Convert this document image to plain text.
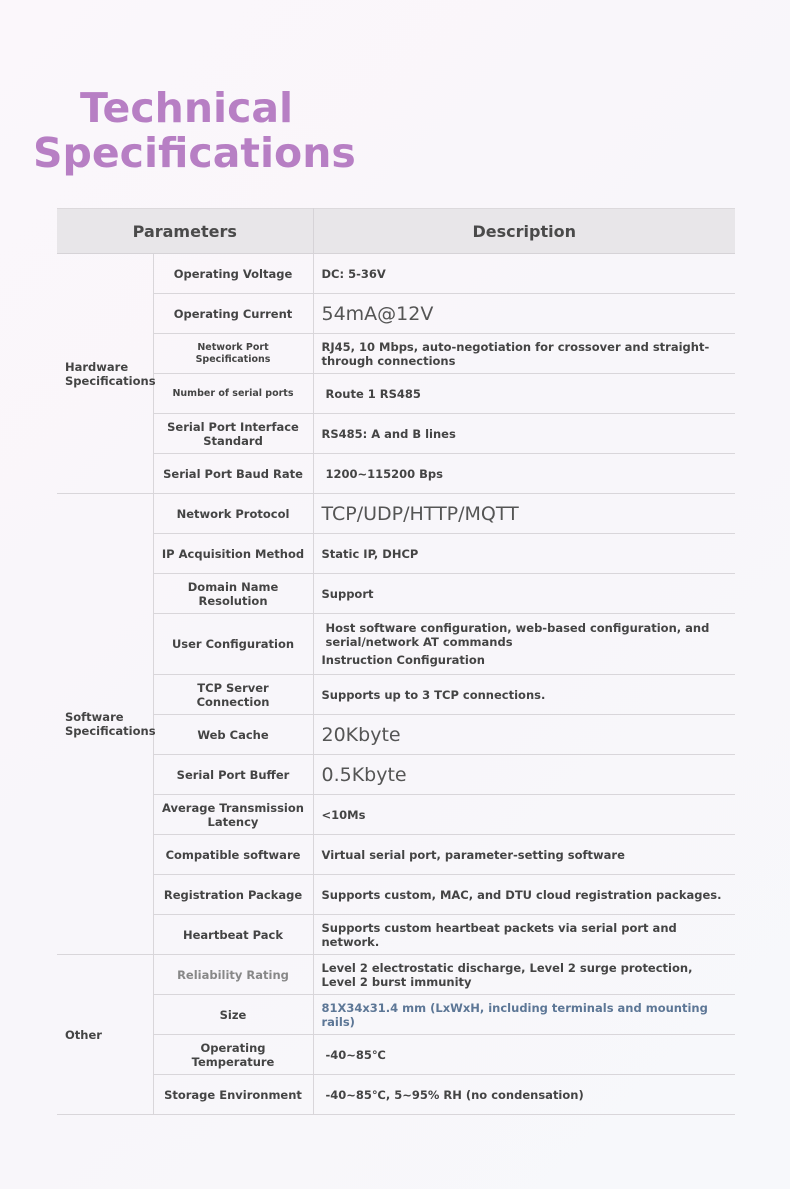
Technical
Specifications
Parameters		Description
Hardware Specifications	Operating Voltage	DC: 5-36V
	Operating Current	54mA@12V
	Network Port Specifications	RJ45, 10 Mbps, auto-negotiation for crossover and straight-through connections
	Number of serial ports	Route 1 RS485
	Serial Port Interface Standard	RS485: A and B lines
	Serial Port Baud Rate	1200~115200 Bps
Software Specifications	Network Protocol	TCP/UDP/HTTP/MQTT
	IP Acquisition Method	Static IP, DHCP
	Domain Name Resolution	Support
	User Configuration	Host software configuration, web-based configuration, and serial/network AT commands
Instruction Configuration

	TCP Server Connection	Supports up to 3 TCP connections.
	Web Cache	20Kbyte
	Serial Port Buffer	0.5Kbyte
	Average Transmission Latency	<10Ms
	Compatible software	Virtual serial port, parameter-setting software
	Registration Package	Supports custom, MAC, and DTU cloud registration packages.
	Heartbeat Pack	Supports custom heartbeat packets via serial port and network.
Other	Reliability Rating	Level 2 electrostatic discharge, Level 2 surge protection, Level 2 burst immunity
	Size	81X34x31.4 mm (LxWxH, including terminals and mounting rails)
	Operating Temperature	-40~85℃
	Storage Environment	-40~85℃, 5~95% RH (no condensation)
